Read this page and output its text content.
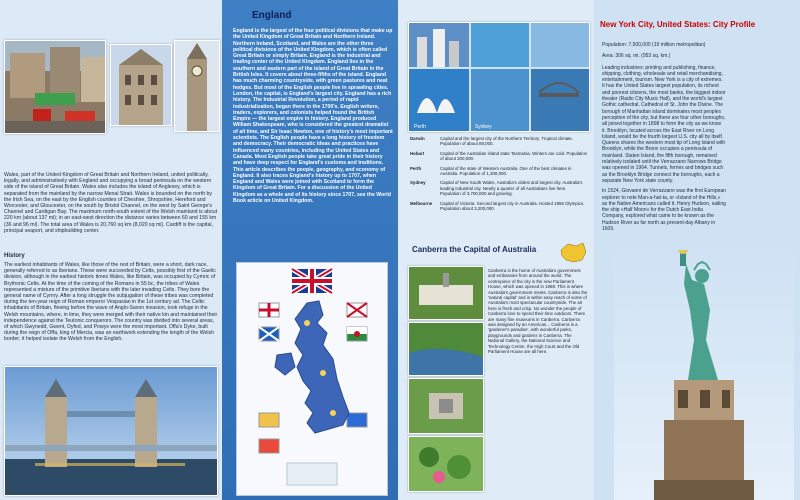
Wales, part of the United Kingdom of Great Britain and Northern Ireland, united politically, legally, and administratively with England and occupying a broad peninsula on the western side of the island of Great Britain. Wales also includes the island of Anglesey, which is separated from the mainland by the narrow Menai Strait. Wales is bounded on the north by the Irish Sea, on the east by the English counties of Cheshire, Shropshire, Hereford and Worcester, and Gloucester, on the south by Bristol Channel, on the west by Saint George's Channel and Cardigan Bay. The maximum north-south extent of the Welsh mainland is about 220 km (about 137 mi); in an east-west direction the distance varies between 60 and 155 km (36 and 96 mi). The total area of Wales is 20,760 sq km (8,020 sq mi). Cardiff is the capital, principal seaport, and shipbuilding center.
History
The earliest inhabitants of Wales, like those of the rest of Britain, were a short, dark race, generally referred to as Iberians. These were succeeded by Celts, possibly first of the Gaelic division, although in the earliest historic times Wales, like Britain, was occupied by Cymric of Brythonic Celts. At the time of the coming of the Romans in 55 bc, the tribes of Wales represented a mixture of the primitive Iberians with the later invading Celts. They bore the general name of Cymry. After a long struggle the subjugation of these tribes was completed during the ten-year reign of Roman emperor Vespasian in the 1st century ad. The Celtic inhabitants of Britain, fleeing before the wave of Anglo-Saxon invasion, took refuge in the Welsh mountains, where, in time, they were merged with their native kin and maintained their independence against the Teutonic conquerors. The country was divided into several areas, of which Gwynedd, Gwent, Dyfed, and Powys were the most important. Offa's Dyke, built during the reign of Offa, king of Mercia, was an earthwork extending the length of the Welsh border; it helped isolate the Welsh from the English.
England
England is the largest of the four political divisions that make up the United Kingdom of Great Britain and Northern Ireland. Northern Ireland, Scotland, and Wales are the other three political divisions of the United Kingdom, which is often called Great Britain or simply Britain. England is the industrial and trading center of the United Kingdom. England lies in the southern and eastern part of the island of Great Britain in the British Isles. It covers about three-fifths of the island. England has much charming countryside, with green pastures and neat hedges. But most of the English people live in sprawling cities. London, the capital, is England's largest city. England has a rich history. The Industrial Revolution, a period of rapid industrialization, began there in the 1700's. English writers, traders, explorers, and colonists helped found the British Empire — the largest empire in history. England produced William Shakespeare, who is considered the greatest dramatist of all time, and Sir Isaac Newton, one of history's most important scientists. The English people have a long history of freedom and democracy. Their democratic ideas and practices have influenced many countries, including the United States and Canada. Most English people take great pride in their history and have deep respect for England's customs and traditions. This article describes the people, geography, and economy of England. It also traces England's history up to 1707, when England and Wales were joined with Scotland to form the Kingdom of Great Britain. For a discussion of the United Kingdom as a whole and of its history since 1707, see the World Book article on United Kingdom.
Perth	Sydney
Darwin	Capital and the largest city of the Northern Territory. Tropical climate. Population of about 88,000.
Hobart	Capital of the Australian island state Tasmania. Winters are cold. Population of about 200,000.
Perth	Capital of the state of Western Australia. One of the best climates in Australia. Population of 1,300,000.
Sydney	Capital of New South Wales, Australia's oldest and largest city. Australia's leading industrial city. Nearly a quarter of all Australians live here. Population of 3,700,000 and growing.
Melbourne	Capital of Victoria. Second largest city in Australia. Hosted 1956 Olympics. Population about 3,200,000.
Canberra the Capital of Australia
Canberra is the home of Australia's government and embassies from around the world. The centrepiece of the city is the new Parliament House, which was opened in 1988. This is where Australia's government meets. Canberra is also the 'natural capital' and is within easy reach of some of Australia's most spectacular countryside. The air here is fresh and crisp. No wonder the people of Canberra love to spend their time outdoors. There are many fine museums in Canberra. Canberra was designed by an American... Canberra is a 'gardener's paradise', with wonderful parks, playgrounds and gardens in Canberra. The National Gallery, the National Science and Technology Centre, the High Court and the Old Parliament House are all here.
New York City, United States: City Profile
Population: 7,500,000 (19 million metropolitan)
Area: 306 sq. mi. (953 sq. km.)
Leading industries: printing and publishing, finance, shipping, clothing, wholesale and retail merchandising, entertainment, tourism. New York is a city of extremes. It has the United States largest population, its richest and poorest citizens, the most banks, the biggest indoor theater (Radio City Music Hall), and the world's largest Gothic cathedral, Cathedral of St. John the Divine. The borough of Manhattan island dominates most peoples perception of the city, but there are four other boroughs, all joined together in 1898 to form the city as we know it. Brooklyn, located across the East River on Long Island, would be the fourth largest U.S. city all by itself. Queens shares the western most tip of Long Island with Brooklyn, while the Bronx occupies a peninsula of mainland. Staten Island, the fifth borough, remained relatively isolated until the Verrazzano Narrows Bridge was opened in 1964. Tunnels, ferries and bridges such as the Brooklyn Bridge connect the boroughs, each a separate New York state county.
In 1524, Giovanni de Verrazzano was the first European explorer to note Man-a-hat-ta, or «Island of the Hills,» as the Native Americans called it. Henry Hudson, sailing the ship «Half Moon» for the Dutch East India Company, explored what came to be known as the Hudson River as far north as present-day Albany in 1609.
